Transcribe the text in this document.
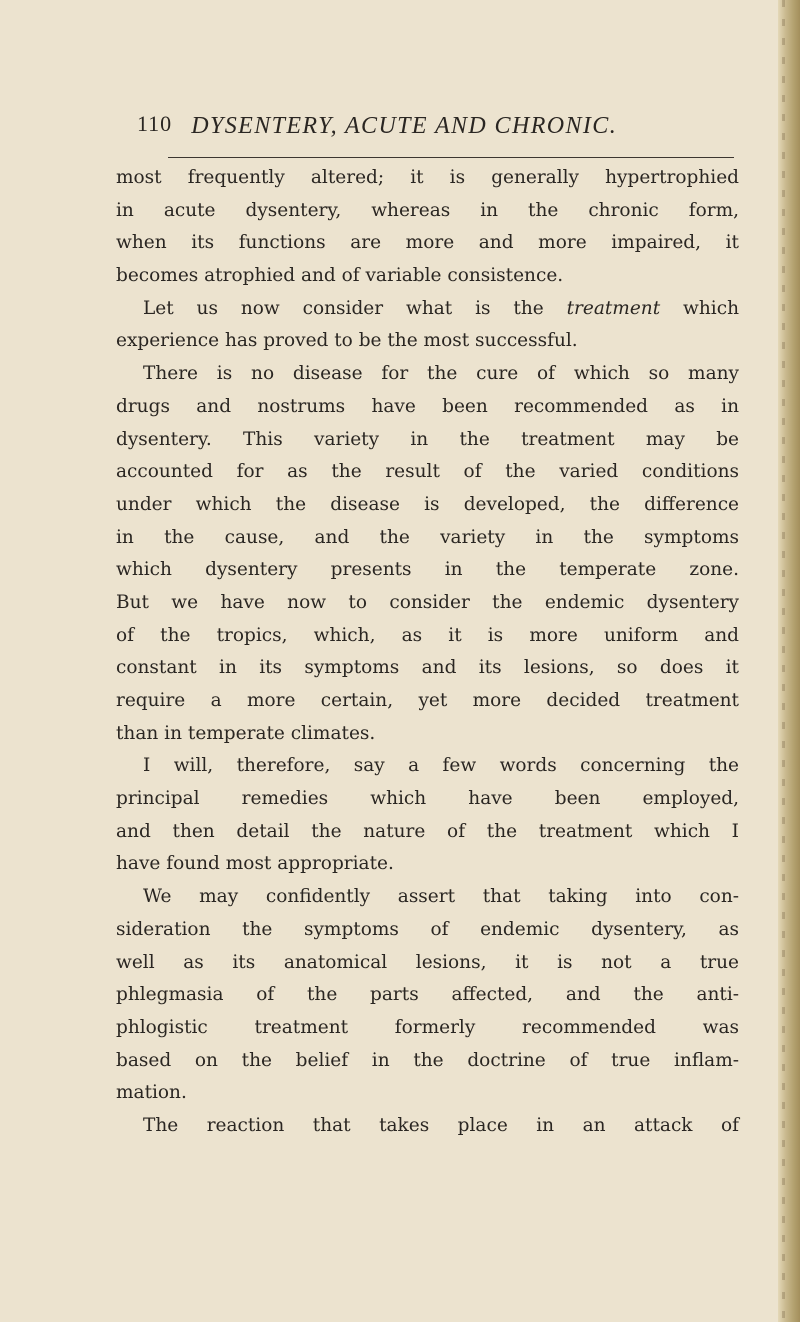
110 DYSENTERY, ACUTE AND CHRONIC.
most frequently altered; it is generally hypertrophied
in acute dysentery, whereas in the chronic form,
when its functions are more and more impaired, it
becomes atrophied and of variable consistence.
Let us now consider what is the treatment which
experience has proved to be the most successful.
There is no disease for the cure of which so many
drugs and nostrums have been recommended as in
dysentery. This variety in the treatment may be
accounted for as the result of the varied conditions
under which the disease is developed, the difference
in the cause, and the variety in the symptoms
which dysentery presents in the temperate zone.
But we have now to consider the endemic dysentery
of the tropics, which, as it is more uniform and
constant in its symptoms and its lesions, so does it
require a more certain, yet more decided treatment
than in temperate climates.
I will, therefore, say a few words concerning the
principal remedies which have been employed,
and then detail the nature of the treatment which I
have found most appropriate.
We may confidently assert that taking into con-
sideration the symptoms of endemic dysentery, as
well as its anatomical lesions, it is not a true
phlegmasia of the parts affected, and the anti-
phlogistic treatment formerly recommended was
based on the belief in the doctrine of true inflam-
mation.
The reaction that takes place in an attack of
